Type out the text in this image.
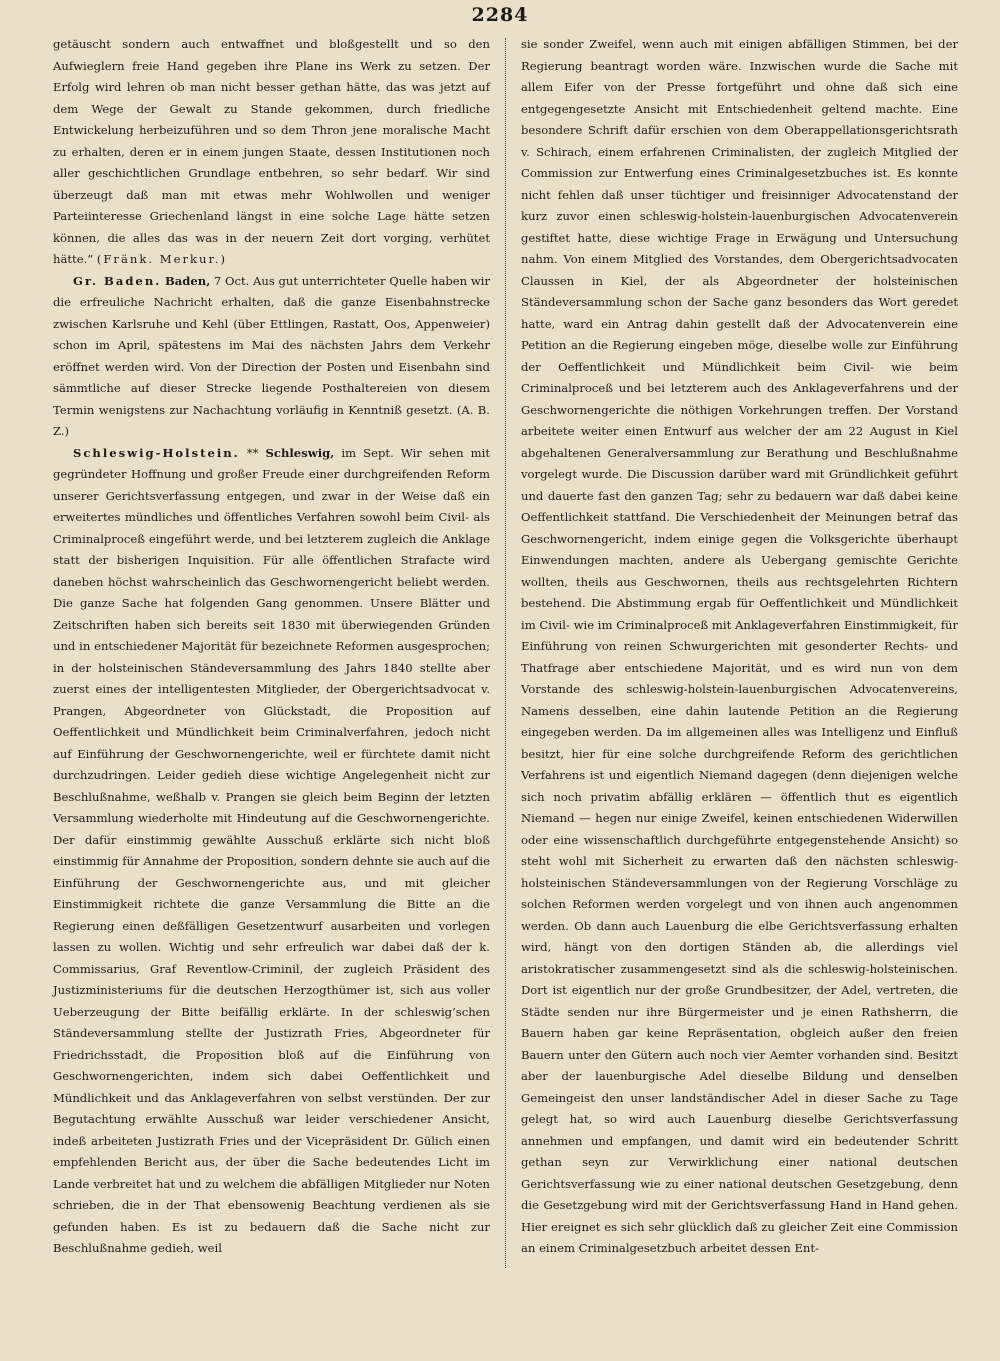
2284

getäuscht sondern auch entwaffnet und bloßgestellt und so den Aufwieglern freie Hand gegeben ihre Plane ins Werk zu setzen. Der Erfolg wird lehren ob man nicht besser gethan hätte, das was jetzt auf dem Wege der Gewalt zu Stande gekommen, durch friedliche Entwickelung herbeizuführen und so dem Thron jene moralische Macht zu erhalten, deren er in einem jungen Staate, dessen Institutionen noch aller geschichtlichen Grundlage entbehren, so sehr bedarf. Wir sind überzeugt daß man mit etwas mehr Wohlwollen und weniger Parteiinteresse Griechenland längst in eine solche Lage hätte setzen können, die alles das was in der neuern Zeit dort vorging, verhütet hätte.“ (Fränk. Merkur.)

Gr. Baden. Baden, 7 Oct. Aus gut unterrichteter Quelle haben wir die erfreuliche Nachricht erhalten, daß die ganze Eisenbahnstrecke zwischen Karlsruhe und Kehl (über Ettlingen, Rastatt, Oos, Appenweier) schon im April, spätestens im Mai des nächsten Jahrs dem Verkehr eröffnet werden wird. Von der Direction der Posten und Eisenbahn sind sämmtliche auf dieser Strecke liegende Posthaltereien von diesem Termin wenigstens zur Nachachtung vorläufig in Kenntniß gesetzt. (A. B. Z.)

Schleswig-Holstein. ** Schleswig, im Sept. Wir sehen mit gegründeter Hoffnung und großer Freude einer durchgreifenden Reform unserer Gerichtsverfassung entgegen, und zwar in der Weise daß ein erweitertes mündliches und öffentliches Verfahren sowohl beim Civil- als Criminalproceß eingeführt werde, und bei letzterem zugleich die Anklage statt der bisherigen Inquisition. Für alle öffentlichen Strafacte wird daneben höchst wahrscheinlich das Geschwornengericht beliebt werden. Die ganze Sache hat folgenden Gang genommen. Unsere Blätter und Zeitschriften haben sich bereits seit 1830 mit überwiegenden Gründen und in entschiedener Majorität für bezeichnete Reformen ausgesprochen; in der holsteinischen Ständeversammlung des Jahrs 1840 stellte aber zuerst eines der intelligentesten Mitglieder, der Obergerichtsadvocat v. Prangen, Abgeordneter von Glückstadt, die Proposition auf Oeffentlichkeit und Mündlichkeit beim Criminalverfahren, jedoch nicht auf Einführung der Geschwornengerichte, weil er fürchtete damit nicht durchzudringen. Leider gedieh diese wichtige Angelegenheit nicht zur Beschlußnahme, weßhalb v. Prangen sie gleich beim Beginn der letzten Versammlung wiederholte mit Hindeutung auf die Geschwornengerichte. Der dafür einstimmig gewählte Ausschuß erklärte sich nicht bloß einstimmig für Annahme der Proposition, sondern dehnte sie auch auf die Einführung der Geschwornengerichte aus, und mit gleicher Einstimmigkeit richtete die ganze Versammlung die Bitte an die Regierung einen deßfälligen Gesetzentwurf ausarbeiten und vorlegen lassen zu wollen. Wichtig und sehr erfreulich war dabei daß der k. Commissarius, Graf Reventlow-Criminil, der zugleich Präsident des Justizministeriums für die deutschen Herzogthümer ist, sich aus voller Ueberzeugung der Bitte beifällig erklärte. In der schleswig’schen Ständeversammlung stellte der Justizrath Fries, Abgeordneter für Friedrichsstadt, die Proposition bloß auf die Einführung von Geschwornengerichten, indem sich dabei Oeffentlichkeit und Mündlichkeit und das Anklageverfahren von selbst verstünden. Der zur Begutachtung erwählte Ausschuß war leider verschiedener Ansicht, indeß arbeiteten Justizrath Fries und der Vicepräsident Dr. Gülich einen empfehlenden Bericht aus, der über die Sache bedeutendes Licht im Lande verbreitet hat und zu welchem die abfälligen Mitglieder nur Noten schrieben, die in der That ebensowenig Beachtung verdienen als sie gefunden haben. Es ist zu bedauern daß die Sache nicht zur Beschlußnahme gedieh, weil

sie sonder Zweifel, wenn auch mit einigen abfälligen Stimmen, bei der Regierung beantragt worden wäre. Inzwischen wurde die Sache mit allem Eifer von der Presse fortgeführt und ohne daß sich eine entgegengesetzte Ansicht mit Entschiedenheit geltend machte. Eine besondere Schrift dafür erschien von dem Oberappellationsgerichtsrath v. Schirach, einem erfahrenen Criminalisten, der zugleich Mitglied der Commission zur Entwerfung eines Criminalgesetzbuches ist. Es konnte nicht fehlen daß unser tüchtiger und freisinniger Advocatenstand der kurz zuvor einen schleswig-holstein-lauenburgischen Advocatenverein gestiftet hatte, diese wichtige Frage in Erwägung und Untersuchung nahm. Von einem Mitglied des Vorstandes, dem Obergerichtsadvocaten Claussen in Kiel, der als Abgeordneter der holsteinischen Ständeversammlung schon der Sache ganz besonders das Wort geredet hatte, ward ein Antrag dahin gestellt daß der Advocatenverein eine Petition an die Regierung eingeben möge, dieselbe wolle zur Einführung der Oeffentlichkeit und Mündlichkeit beim Civil- wie beim Criminalproceß und bei letzterem auch des Anklageverfahrens und der Geschwornengerichte die nöthigen Vorkehrungen treffen. Der Vorstand arbeitete weiter einen Entwurf aus welcher der am 22 August in Kiel abgehaltenen Generalversammlung zur Berathung und Beschlußnahme vorgelegt wurde. Die Discussion darüber ward mit Gründlichkeit geführt und dauerte fast den ganzen Tag; sehr zu bedauern war daß dabei keine Oeffentlichkeit stattfand. Die Verschiedenheit der Meinungen betraf das Geschwornengericht, indem einige gegen die Volksgerichte überhaupt Einwendungen machten, andere als Uebergang gemischte Gerichte wollten, theils aus Geschwornen, theils aus rechtsgelehrten Richtern bestehend. Die Abstimmung ergab für Oeffentlichkeit und Mündlichkeit im Civil- wie im Criminalproceß mit Anklageverfahren Einstimmigkeit, für Einführung von reinen Schwurgerichten mit gesonderter Rechts- und Thatfrage aber entschiedene Majorität, und es wird nun von dem Vorstande des schleswig-holstein-lauenburgischen Advocatenvereins, Namens desselben, eine dahin lautende Petition an die Regierung eingegeben werden. Da im allgemeinen alles was Intelligenz und Einfluß besitzt, hier für eine solche durchgreifende Reform des gerichtlichen Verfahrens ist und eigentlich Niemand dagegen (denn diejenigen welche sich noch privatim abfällig erklären — öffentlich thut es eigentlich Niemand — hegen nur einige Zweifel, keinen entschiedenen Widerwillen oder eine wissenschaftlich durchgeführte entgegenstehende Ansicht) so steht wohl mit Sicherheit zu erwarten daß den nächsten schleswig-holsteinischen Ständeversammlungen von der Regierung Vorschläge zu solchen Reformen werden vorgelegt und von ihnen auch angenommen werden. Ob dann auch Lauenburg die elbe Gerichtsverfassung erhalten wird, hängt von den dortigen Ständen ab, die allerdings viel aristokratischer zusammengesetzt sind als die schleswig-holsteinischen. Dort ist eigentlich nur der große Grundbesitzer, der Adel, vertreten, die Städte senden nur ihre Bürgermeister und je einen Rathsherrn, die Bauern haben gar keine Repräsentation, obgleich außer den freien Bauern unter den Gütern auch noch vier Aemter vorhanden sind. Besitzt aber der lauenburgische Adel dieselbe Bildung und denselben Gemeingeist den unser landständischer Adel in dieser Sache zu Tage gelegt hat, so wird auch Lauenburg dieselbe Gerichtsverfassung annehmen und empfangen, und damit wird ein bedeutender Schritt gethan seyn zur Verwirklichung einer national deutschen Gerichtsverfassung wie zu einer national deutschen Gesetzgebung, denn die Gesetzgebung wird mit der Gerichtsverfassung Hand in Hand gehen. Hier ereignet es sich sehr glücklich daß zu gleicher Zeit eine Commission an einem Criminalgesetzbuch arbeitet dessen Ent-
